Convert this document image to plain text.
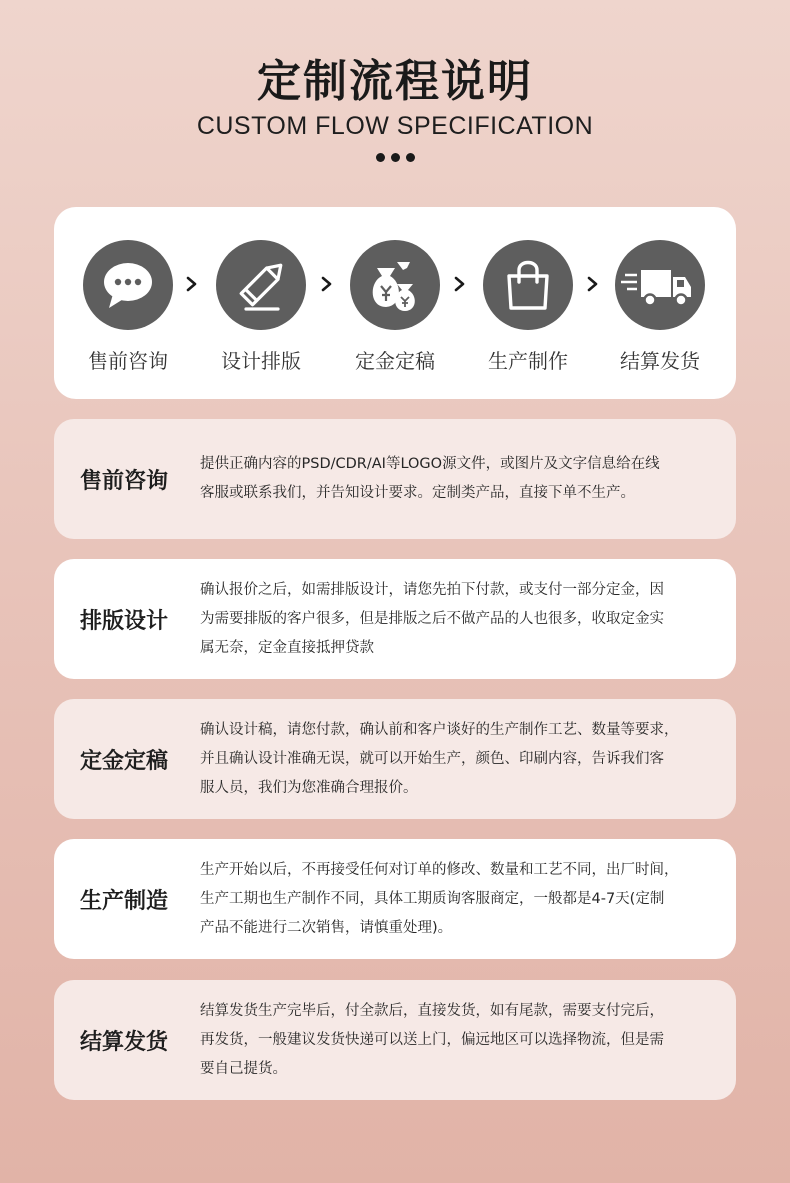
定制流程说明
CUSTOM FLOW SPECIFICATION
售前咨询	设计排版	定金定稿	生产制作	结算发货
售前咨询
提供正确内容的PSD/CDR/AI等LOGO源文件，或图片及文字信息给在线
客服或联系我们，并告知设计要求。定制类产品，直接下单不生产。
排版设计
确认报价之后，如需排版设计，请您先拍下付款，或支付一部分定金，因
为需要排版的客户很多，但是排版之后不做产品的人也很多，收取定金实
属无奈，定金直接抵押贷款
定金定稿
确认设计稿，请您付款，确认前和客户谈好的生产制作工艺、数量等要求，
并且确认设计准确无误，就可以开始生产，颜色、印刷内容，告诉我们客
服人员，我们为您准确合理报价。
生产制造
生产开始以后，不再接受任何对订单的修改、数量和工艺不同，出厂时间，
生产工期也生产制作不同，具体工期质询客服商定，一般都是4-7天(定制
产品不能进行二次销售，请慎重处理)。
结算发货
结算发货生产完毕后，付全款后，直接发货，如有尾款，需要支付完后，
再发货，一般建议发货快递可以送上门，偏远地区可以选择物流，但是需
要自己提货。
